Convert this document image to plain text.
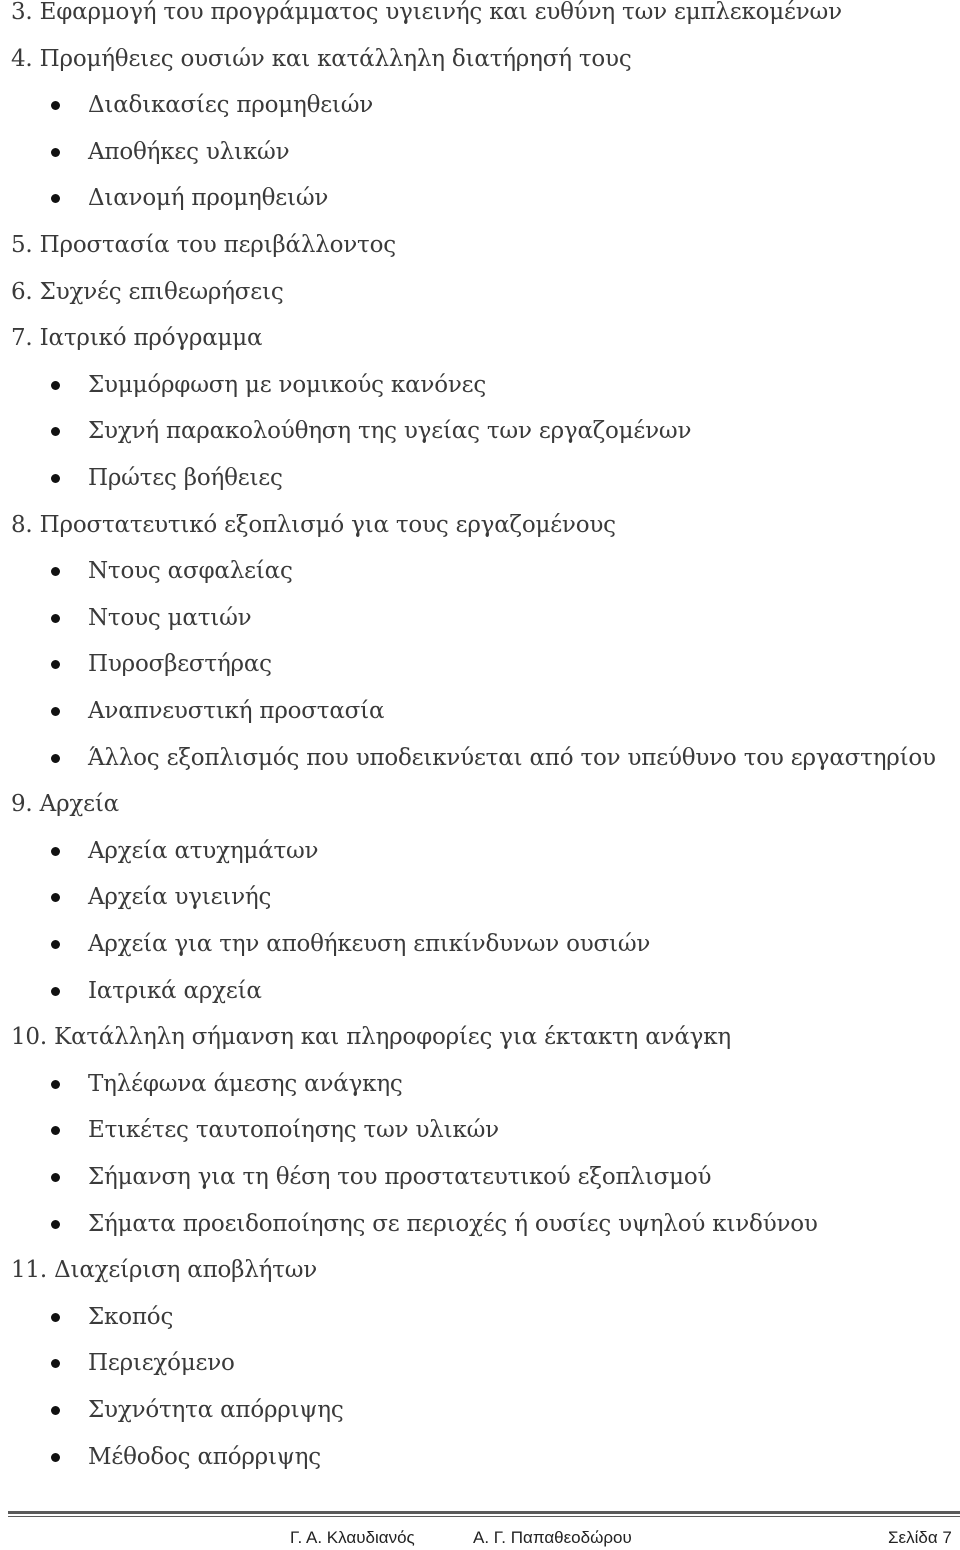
3. Εφαρμογή του προγράμματος υγιεινής και ευθύνη των εμπλεκομένων
4. Προμήθειες ουσιών και κατάλληλη διατήρησή τους
Διαδικασίες προμηθειών
Αποθήκες υλικών
Διανομή προμηθειών
5. Προστασία του περιβάλλοντος
6. Συχνές επιθεωρήσεις
7. Ιατρικό πρόγραμμα
Συμμόρφωση με νομικούς κανόνες
Συχνή παρακολούθηση της υγείας των εργαζομένων
Πρώτες βοήθειες
8. Προστατευτικό εξοπλισμό για τους εργαζομένους
Ντους ασφαλείας
Ντους ματιών
Πυροσβεστήρας
Αναπνευστική προστασία
Άλλος εξοπλισμός που υποδεικνύεται από τον υπεύθυνο του εργαστηρίου
9. Αρχεία
Αρχεία ατυχημάτων
Αρχεία υγιεινής
Αρχεία για την αποθήκευση επικίνδυνων ουσιών
Ιατρικά αρχεία
10. Κατάλληλη σήμανση και πληροφορίες για έκτακτη ανάγκη
Τηλέφωνα άμεσης ανάγκης
Ετικέτες ταυτοποίησης των υλικών
Σήμανση για τη θέση του προστατευτικού εξοπλισμού
Σήματα προειδοποίησης σε περιοχές ή ουσίες υψηλού κινδύνου
11. Διαχείριση αποβλήτων
Σκοπός
Περιεχόμενο
Συχνότητα απόρριψης
Μέθοδος απόρριψης
Γ. Α. Κλαυδιανός	Α. Γ. Παπαθεοδώρου	Σελίδα 7
